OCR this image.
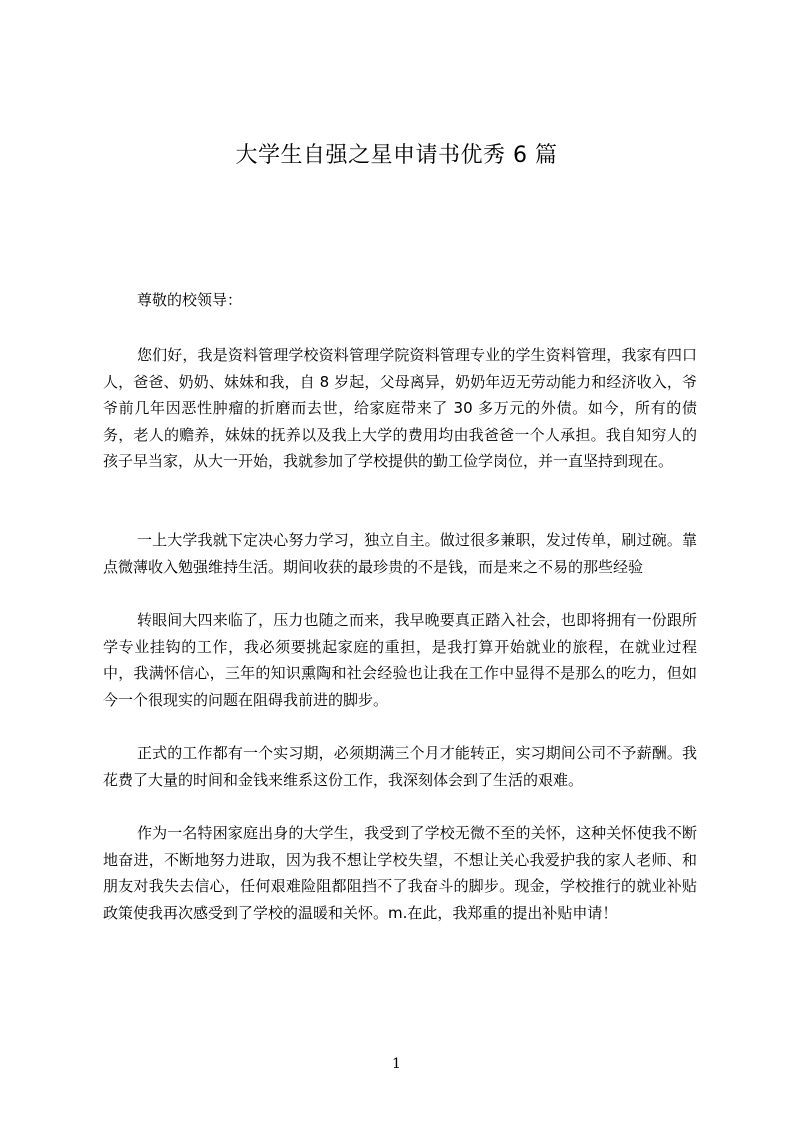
大学生自强之星申请书优秀 6 篇
尊敬的校领导：
您们好，我是资料管理学校资料管理学院资料管理专业的学生资料管理，我家有四口人，爸爸、奶奶、妹妹和我，自 8 岁起，父母离异，奶奶年迈无劳动能力和经济收入，爷爷前几年因恶性肿瘤的折磨而去世，给家庭带来了 30 多万元的外债。如今，所有的债务，老人的赡养，妹妹的抚养以及我上大学的费用均由我爸爸一个人承担。我自知穷人的孩子早当家，从大一开始，我就参加了学校提供的勤工俭学岗位，并一直坚持到现在。
一上大学我就下定决心努力学习，独立自主。做过很多兼职，发过传单，刷过碗。靠点微薄收入勉强维持生活。期间收获的最珍贵的不是钱，而是来之不易的那些经验
转眼间大四来临了，压力也随之而来，我早晚要真正踏入社会，也即将拥有一份跟所学专业挂钩的工作，我必须要挑起家庭的重担，是我打算开始就业的旅程，在就业过程中，我满怀信心，三年的知识熏陶和社会经验也让我在工作中显得不是那么的吃力，但如今一个很现实的问题在阻碍我前进的脚步。
正式的工作都有一个实习期，必须期满三个月才能转正，实习期间公司不予薪酬。我花费了大量的时间和金钱来维系这份工作，我深刻体会到了生活的艰难。
作为一名特困家庭出身的大学生，我受到了学校无微不至的关怀，这种关怀使我不断地奋进，不断地努力进取，因为我不想让学校失望，不想让关心我爱护我的家人老师、和朋友对我失去信心，任何艰难险阻都阻挡不了我奋斗的脚步。现金，学校推行的就业补贴政策使我再次感受到了学校的温暖和关怀。m.在此，我郑重的提出补贴申请！
1
